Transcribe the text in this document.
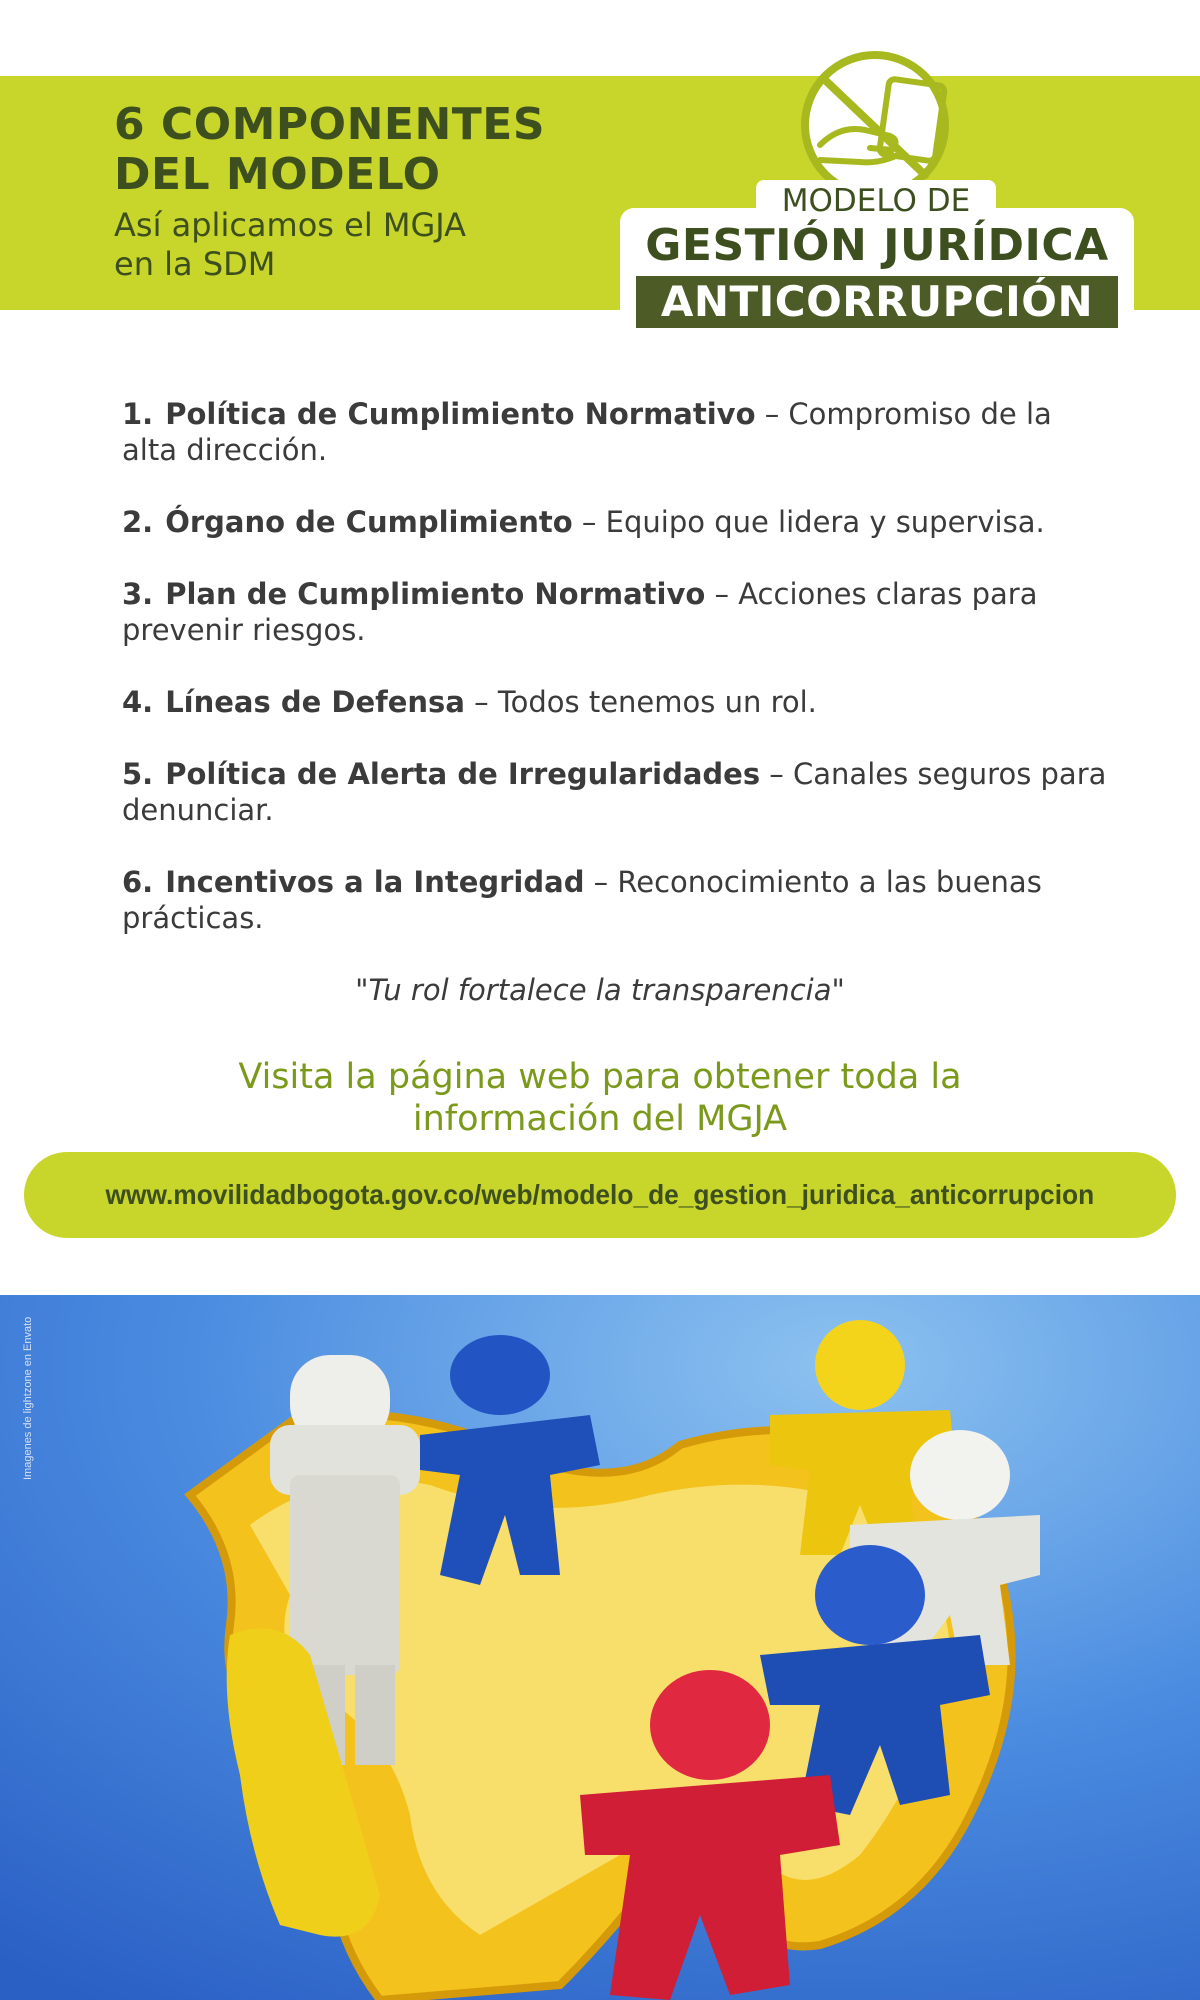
6 COMPONENTES

DEL MODELO

Así aplicamos el MGJA
en la SDM

MODELO DE
GESTIÓN JURÍDICA
ANTICORRUPCIÓN
1. Política de Cumplimiento Normativo – Compromiso de la alta dirección.
2. Órgano de Cumplimiento – Equipo que lidera y supervisa.
3. Plan de Cumplimiento Normativo – Acciones claras para prevenir riesgos.
4. Líneas de Defensa – Todos tenemos un rol.
5. Política de Alerta de Irregularidades – Canales seguros para denunciar.
6. Incentivos a la Integridad – Reconocimiento a las buenas prácticas.
"Tu rol fortalece la transparencia"
Visita la página web para obtener toda la
información del MGJA
www.movilidadbogota.gov.co/web/modelo_de_gestion_juridica_anticorrupcion
Imagenes de lightzone en Envato
